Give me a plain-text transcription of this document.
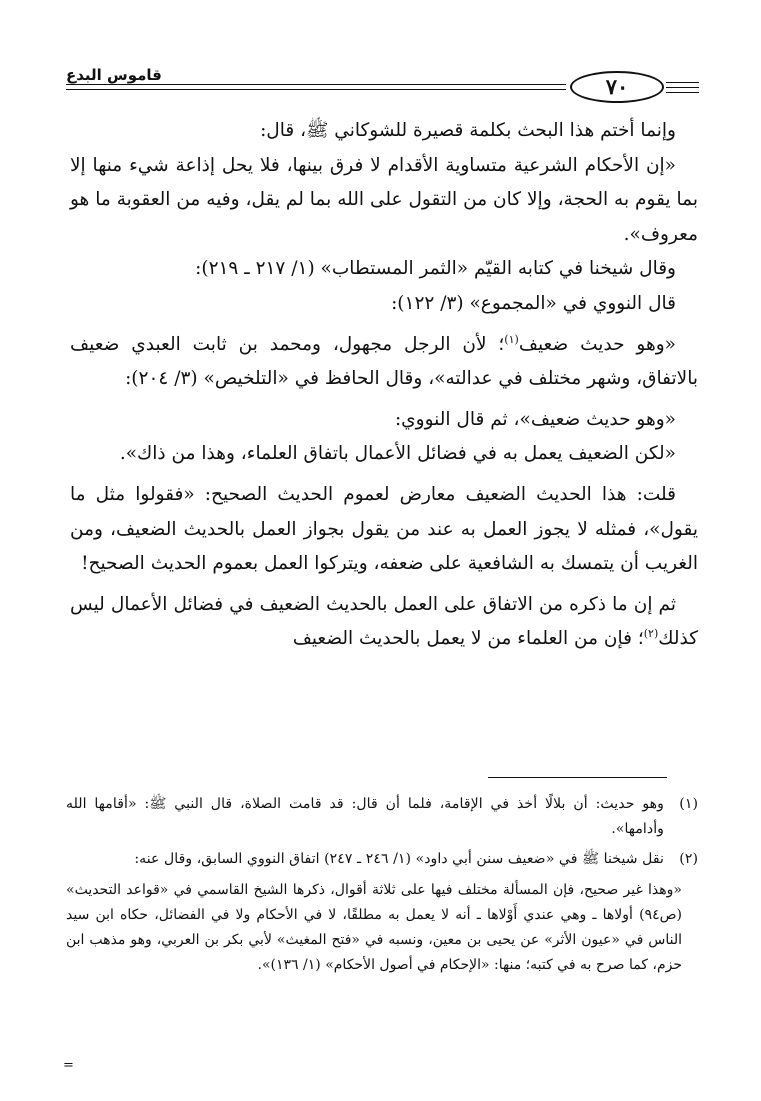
قاموس البدع	٧٠

وإنما أختم هذا البحث بكلمة قصيرة للشوكاني ﷺ، قال:

«إن الأحكام الشرعية متساوية الأقدام لا فرق بينها، فلا يحل إذاعة شيء منها إلا بما يقوم به الحجة، وإلا كان من التقول على الله بما لم يقل، وفيه من العقوبة ما هو معروف».

وقال شيخنا في كتابه القيّم «الثمر المستطاب» (١/ ٢١٧ ـ ٢١٩):

قال النووي في «المجموع» (٣/ ١٢٢):

«وهو حديث ضعيف$^{(١)}$؛ لأن الرجل مجهول، ومحمد بن ثابت العبدي ضعيف بالاتفاق، وشهر مختلف في عدالته»، وقال الحافظ في «التلخيص» (٣/ ٢٠٤):

«وهو حديث ضعيف»، ثم قال النووي:

«لكن الضعيف يعمل به في فضائل الأعمال باتفاق العلماء، وهذا من ذاك».

قلت: هذا الحديث الضعيف معارض لعموم الحديث الصحيح: «فقولوا مثل ما يقول»، فمثله لا يجوز العمل به عند من يقول بجواز العمل بالحديث الضعيف، ومن الغريب أن يتمسك به الشافعية على ضعفه، ويتركوا العمل بعموم الحديث الصحيح!

ثم إن ما ذكره من الاتفاق على العمل بالحديث الضعيف في فضائل الأعمال ليس كذلك$^{(٢)}$؛ فإن من العلماء من لا يعمل بالحديث الضعيف

(١)
وهو حديث: أن بلالًا أخذ في الإقامة، فلما أن قال: قد قامت الصلاة، قال النبي ﷺ: «أقامها الله وأدامها».
(٢)
نقل شيخنا ﷺ في «ضعيف سنن أبي داود» (١/ ٢٤٦ ـ ٢٤٧) اتفاق النووي السابق، وقال عنه:
«وهذا غير صحيح، فإن المسألة مختلف فيها على ثلاثة أقوال، ذكرها الشيخ القاسمي في «قواعد التحديث» (ص٩٤) أولاها ـ وهي عندي أَوْلاها ـ أنه لا يعمل به مطلقًا، لا في الأحكام ولا في الفضائل، حكاه ابن سيد الناس في «عيون الأثر» عن يحيى بن معين، ونسبه في «فتح المغيث» لأبي بكر بن العربي، وهو مذهب ابن حزم، كما صرح به في كتبه؛ منها: «الإحكام في أصول الأحكام» (١/ ١٣٦)».
=
